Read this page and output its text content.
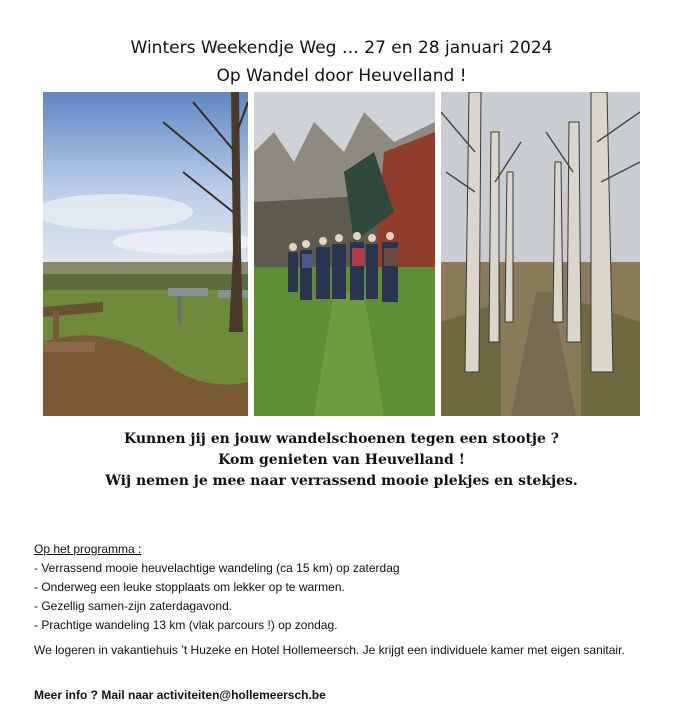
Winters Weekendje Weg … 27 en 28 januari 2024
Op Wandel door Heuvelland !
Kunnen jij en jouw wandelschoenen tegen een stootje ?
Kom genieten van Heuvelland !
Wij nemen je mee naar verrassend mooie plekjes en stekjes.
Op het programma :
- Verrassend mooie heuvelachtige wandeling (ca 15 km) op zaterdag
- Onderweg een leuke stopplaats om lekker op te warmen.
- Gezellig samen-zijn zaterdagavond.
- Prachtige wandeling 13 km (vlak parcours !) op zondag.
We logeren in vakantiehuis ’t Huzeke en Hotel Hollemeersch. Je krijgt een individuele kamer met eigen sanitair.
Meer info ? Mail naar activiteiten@hollemeersch.be
